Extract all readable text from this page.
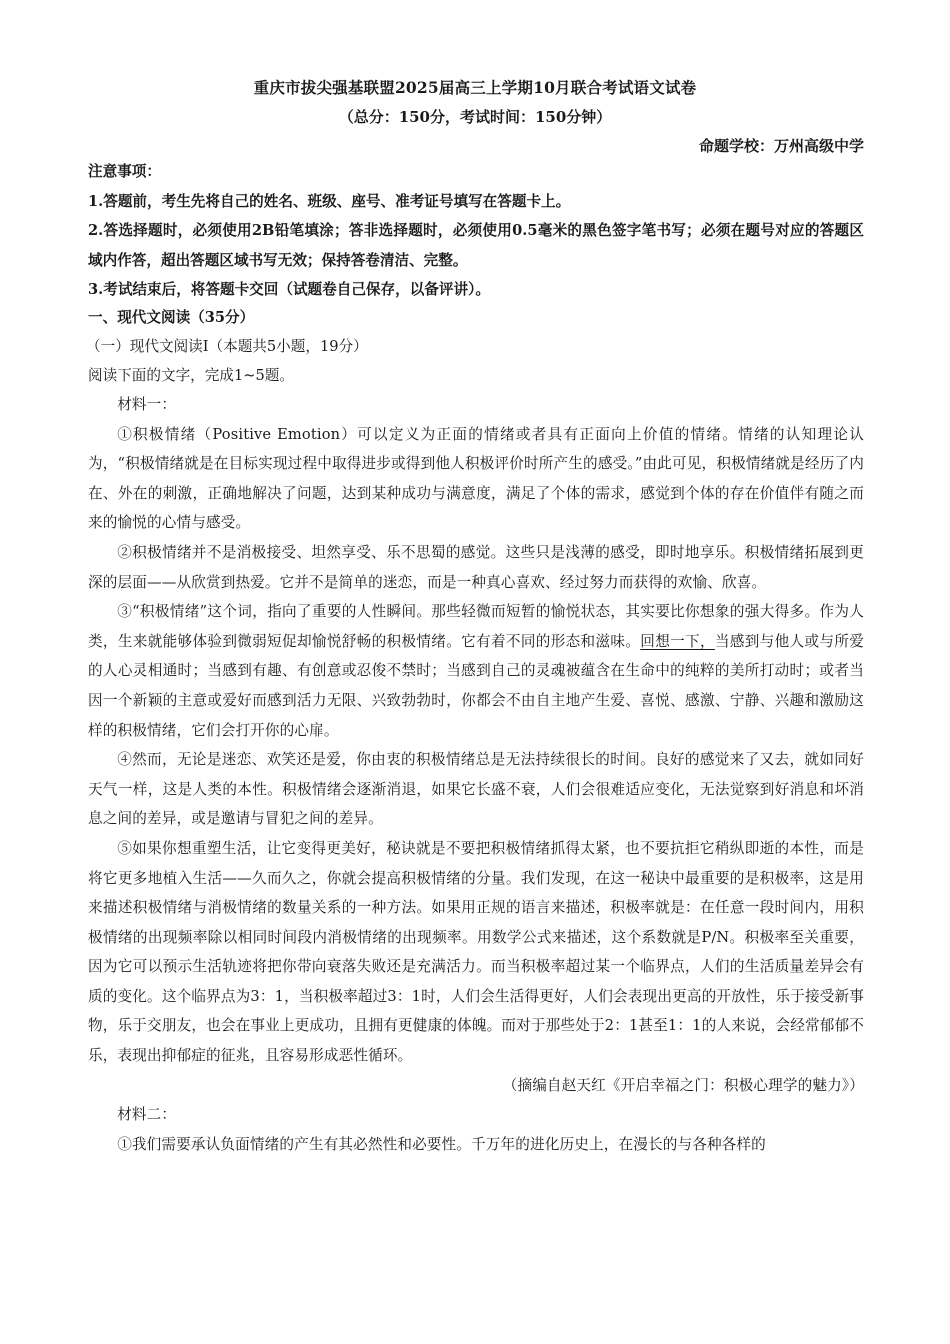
重庆市拔尖强基联盟2025届高三上学期10月联合考试语文试卷
（总分：150分，考试时间：150分钟）
命题学校：万州高级中学

注意事项：

1.答题前，考生先将自己的姓名、班级、座号、准考证号填写在答题卡上。

2.答选择题时，必须使用2B铅笔填涂；答非选择题时，必须使用0.5毫米的黑色签字笔书写；必须在题号对应的答题区域内作答，超出答题区域书写无效；保持答卷清洁、完整。

3.考试结束后，将答题卡交回（试题卷自己保存，以备评讲）。

一、现代文阅读（35分）
（一）现代文阅读Ⅰ（本题共5小题，19分）
阅读下面的文字，完成1~5题。

材料一：

①积极情绪（Positive Emotion）可以定义为正面的情绪或者具有正面向上价值的情绪。情绪的认知理论认为，“积极情绪就是在目标实现过程中取得进步或得到他人积极评价时所产生的感受。”由此可见，积极情绪就是经历了内在、外在的刺激，正确地解决了问题，达到某种成功与满意度，满足了个体的需求，感觉到个体的存在价值伴有随之而来的愉悦的心情与感受。

②积极情绪并不是消极接受、坦然享受、乐不思蜀的感觉。这些只是浅薄的感受，即时地享乐。积极情绪拓展到更深的层面——从欣赏到热爱。它并不是简单的迷恋，而是一种真心喜欢、经过努力而获得的欢愉、欣喜。

③“积极情绪”这个词，指向了重要的人性瞬间。那些轻微而短暂的愉悦状态，其实要比你想象的强大得多。作为人类，生来就能够体验到微弱短促却愉悦舒畅的积极情绪。它有着不同的形态和滋味。回想一下，当感到与他人或与所爱的人心灵相通时；当感到有趣、有创意或忍俊不禁时；当感到自己的灵魂被蕴含在生命中的纯粹的美所打动时；或者当因一个新颖的主意或爱好而感到活力无限、兴致勃勃时，你都会不由自主地产生爱、喜悦、感激、宁静、兴趣和激励这样的积极情绪，它们会打开你的心扉。

④然而，无论是迷恋、欢笑还是爱，你由衷的积极情绪总是无法持续很长的时间。良好的感觉来了又去，就如同好天气一样，这是人类的本性。积极情绪会逐渐消退，如果它长盛不衰，人们会很难适应变化，无法觉察到好消息和坏消息之间的差异，或是邀请与冒犯之间的差异。

⑤如果你想重塑生活，让它变得更美好，秘诀就是不要把积极情绪抓得太紧，也不要抗拒它稍纵即逝的本性，而是将它更多地植入生活——久而久之，你就会提高积极情绪的分量。我们发现，在这一秘诀中最重要的是积极率，这是用来描述积极情绪与消极情绪的数量关系的一种方法。如果用正规的语言来描述，积极率就是：在任意一段时间内，用积极情绪的出现频率除以相同时间段内消极情绪的出现频率。用数学公式来描述，这个系数就是P/N。积极率至关重要，因为它可以预示生活轨迹将把你带向衰落失败还是充满活力。而当积极率超过某一个临界点，人们的生活质量差异会有质的变化。这个临界点为3：1，当积极率超过3：1时，人们会生活得更好，人们会表现出更高的开放性，乐于接受新事物，乐于交朋友，也会在事业上更成功，且拥有更健康的体魄。而对于那些处于2：1甚至1：1的人来说，会经常郁郁不乐，表现出抑郁症的征兆，且容易形成恶性循环。

（摘编自赵天红《开启幸福之门：积极心理学的魅力》）

材料二：

①我们需要承认负面情绪的产生有其必然性和必要性。千万年的进化历史上，在漫长的与各种各样的
